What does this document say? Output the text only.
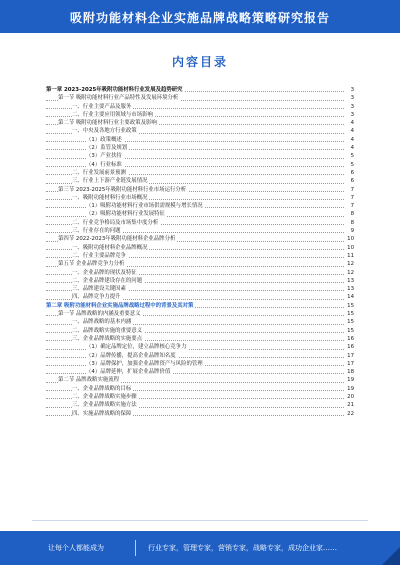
吸附功能材料企业实施品牌战略策略研究报告
内容目录
第一章 2023-2025年吸附功能材料行业发展及趋势研究	3
第一节 吸附功能材料行业产品特性及发展环境分析	3
一、行业主要产品及服务	3
二、行业主要应用领域与市场影响	3
第二节 吸附功能材料行业主要政策及影响	4
一、中央及各地方行业政策	4
（1）政策概述	4
（2）监管及规划	4
（3）产业扶持	5
（4）行业标准	5
二、行业发展前景预测	6
三、行业上下游产业链发展情况	6
第三节 2023-2025年吸附功能材料行业市场运行分析	7
一、吸附功能材料行业市场概况	7
（1）吸附功能材料行业市场供需规模与增长情况	7
（2）吸附功能材料行业发展特征	8
二、行业竞争格局及市场集中度分析	8
三、行业存在的问题	9
第四节 2022-2023年吸附功能材料企业品牌分析	10
一、吸附功能材料企业品牌概况	10
二、行业主要品牌竞争	11
第五节 企业品牌竞争力分析	12
一、企业品牌的现状及特征	12
二、企业品牌建设存在的问题	13
三、品牌建设关键因素	13
四、品牌竞争力提升	14
第二章 吸附功能材料企业实施品牌战略过程中的背景及其对策	15
第一节 品牌战略的内涵及重要意义	15
一、品牌战略的基本内涵	15
二、品牌战略实施的重要意义	15
三、企业品牌战略的实施要点	16
（1）确定品牌定位，建立品牌核心竞争力	16
（2）品牌传播，提高企业品牌知名度	17
（3）品牌保护，加强企业品牌资产与风险的管理	17
（4）品牌延伸，扩展企业品牌价值	18
第二节 品牌战略实施流程	19
一、企业品牌战略的目标	19
二、企业品牌战略实施步骤	20
三、企业品牌战略实施方法	21
四、实施品牌战略的保障	22
让每个人都能成为	行业专家，管理专家，营销专家，战略专家，成功企业家……
